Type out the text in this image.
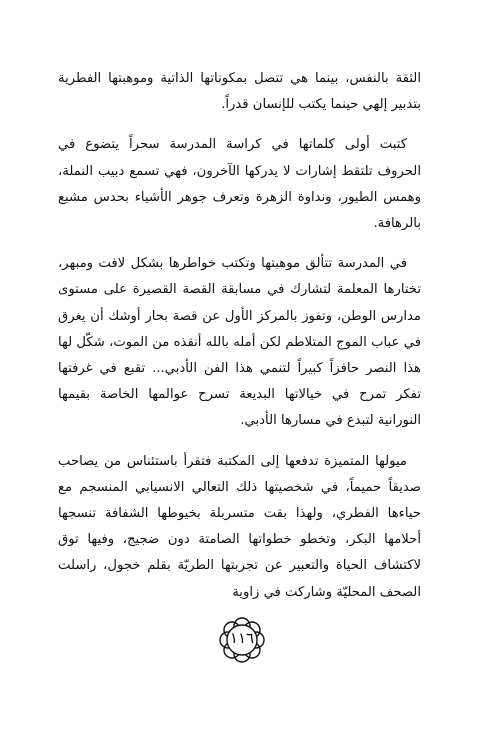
الثقة بالنفس، بينما هي تتصل بمكوناتها الذاتية وموهبتها الفطرية بتدبير إلهي حينما يكتب للإنسان قدراً.

كتبت أولى كلماتها في كراسة المدرسة سحراً يتضوع في الحروف تلتقط إشارات لا يدركها الآخرون، فهي تسمع دبيب النملة، وهمس الطيور، ونداوة الزهرة وتعرف جوهر الأشياء بحدس مشبع بالرهافة.

في المدرسة تتألق موهبتها وتكتب خواطرها بشكل لافت ومبهر، تختارها المعلمة لتشارك في مسابقة القصة القصيرة على مستوى مدارس الوطن، وتفوز بالمركز الأول عن قصة بحار أوشك أن يغرق في عباب الموج المتلاطم لكن أمله بالله أنقذه من الموت، شكّل لها هذا النصر حافزاً كبيراً لتنمي هذا الفن الأدبي... تقبع في غرفتها تفكر تمرح في خيالاتها البديعة تسرح عوالمها الخاصة بقيمها النورانية لتبدع في مسارها الأدبي.

ميولها المتميزة تدفعها إلى المكتبة فتقرأ باستئناس من يصاحب صديقاً حميماً، في شخصيتها ذلك التعالي الانسيابي المنسجم مع حياءها الفطري، ولهذا بقت متسربلة بخيوطها الشفافة تنسجها أحلامها البكر، وتخطو خطواتها الصامتة دون ضجيج، وفيها توق لاكتشاف الحياة والتعبير عن تجربتها الطريّة بقلم خجول، راسلت الصحف المحليّة وشاركت في زاوية

١١٦
